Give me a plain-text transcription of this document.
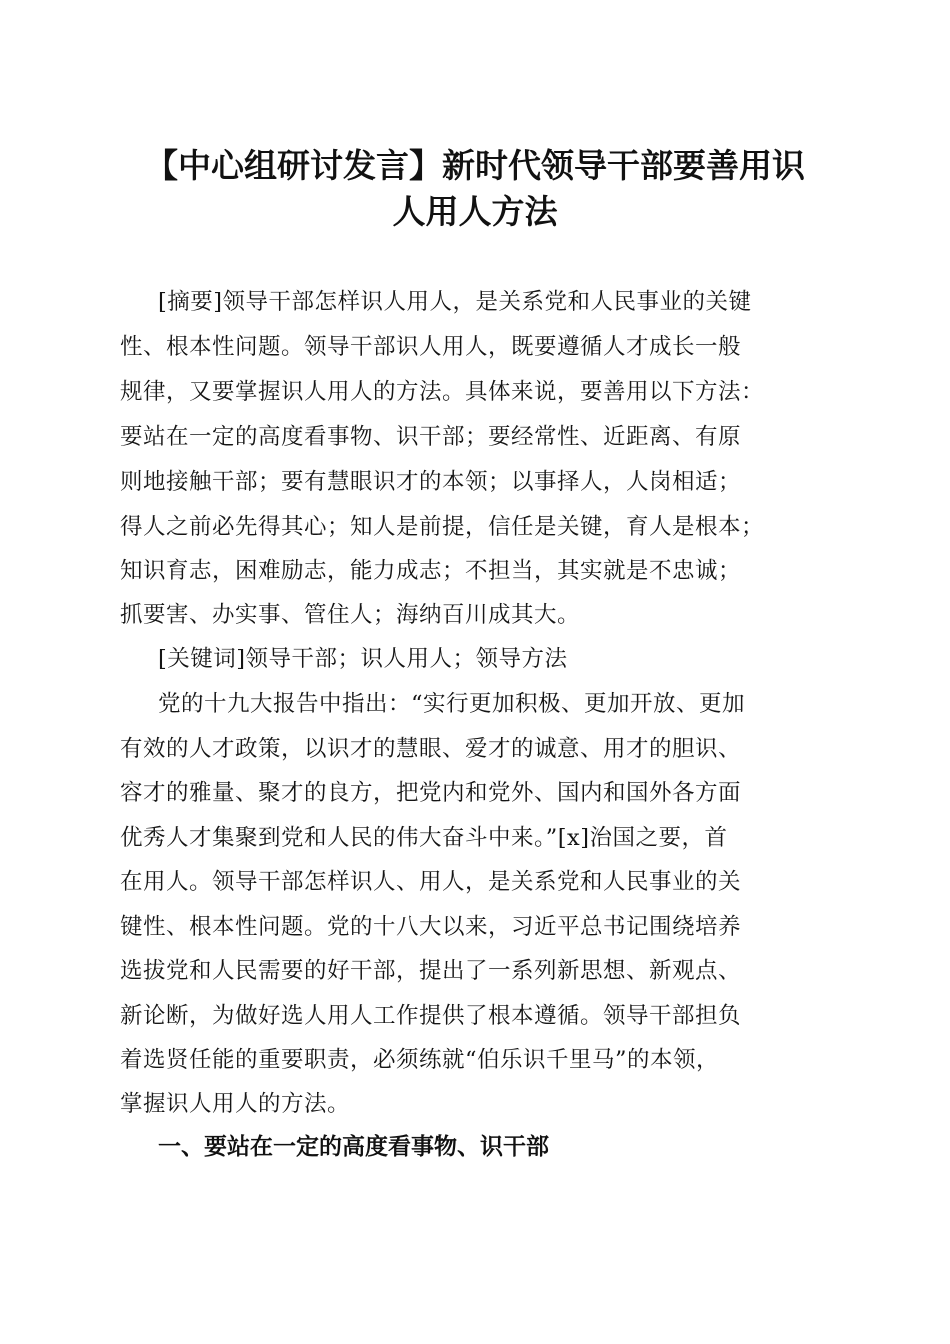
【中心组研讨发言】新时代领导干部要善用识
人用人方法
[摘要]领导干部怎样识人用人，是关系党和人民事业的关键
性、根本性问题。领导干部识人用人，既要遵循人才成长一般
规律，又要掌握识人用人的方法。具体来说，要善用以下方法：
要站在一定的高度看事物、识干部；要经常性、近距离、有原
则地接触干部；要有慧眼识才的本领；以事择人，人岗相适；
得人之前必先得其心；知人是前提，信任是关键，育人是根本；
知识育志，困难励志，能力成志；不担当，其实就是不忠诚；
抓要害、办实事、管住人；海纳百川成其大。
[关键词]领导干部；识人用人；领导方法
党的十九大报告中指出：“实行更加积极、更加开放、更加
有效的人才政策，以识才的慧眼、爱才的诚意、用才的胆识、
容才的雅量、聚才的良方，把党内和党外、国内和国外各方面
优秀人才集聚到党和人民的伟大奋斗中来。”[x]治国之要，首
在用人。领导干部怎样识人、用人，是关系党和人民事业的关
键性、根本性问题。党的十八大以来，习近平总书记围绕培养
选拔党和人民需要的好干部，提出了一系列新思想、新观点、
新论断，为做好选人用人工作提供了根本遵循。领导干部担负
着选贤任能的重要职责，必须练就“伯乐识千里马”的本领，
掌握识人用人的方法。
一、要站在一定的高度看事物、识干部
